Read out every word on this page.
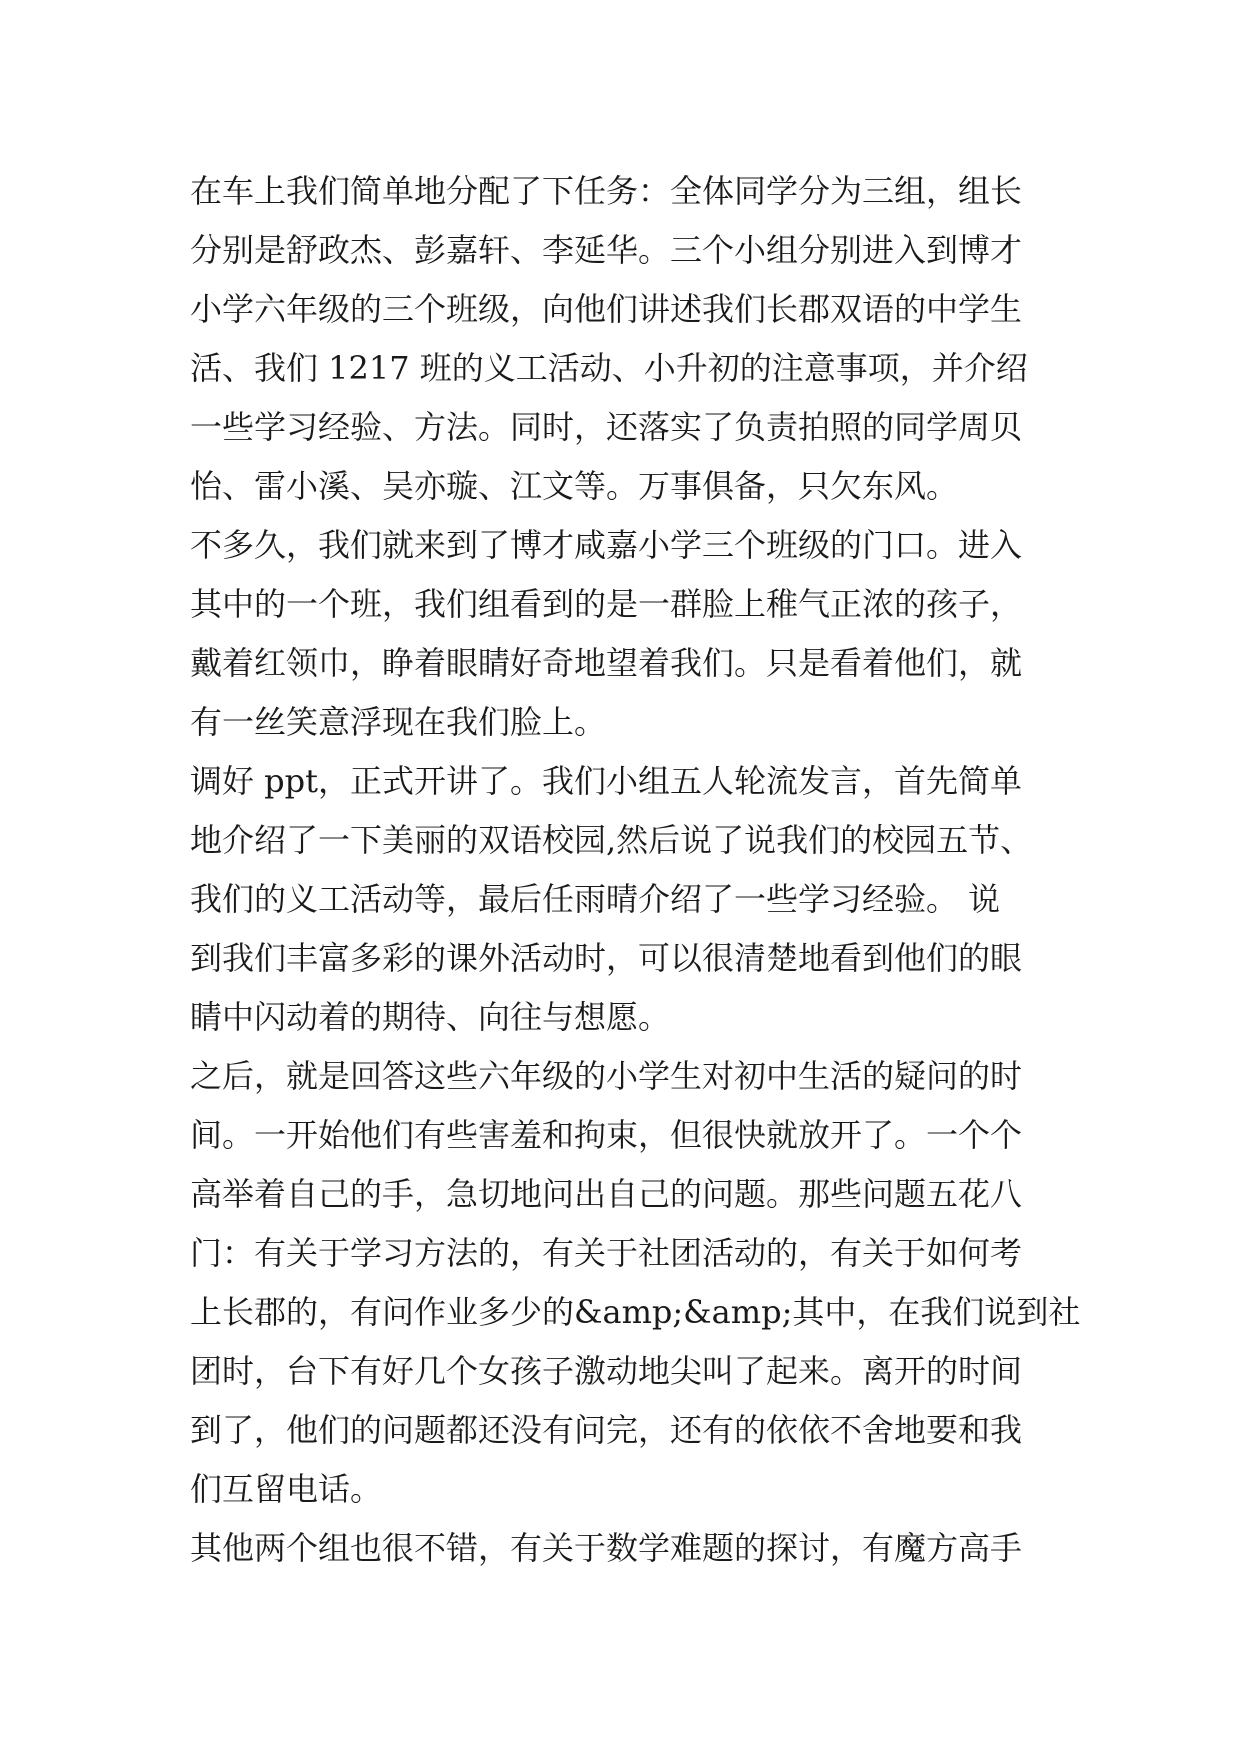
在车上我们简单地分配了下任务：全体同学分为三组，组长
分别是舒政杰、彭嘉轩、李延华。三个小组分别进入到博才
小学六年级的三个班级，向他们讲述我们长郡双语的中学生
活、我们 1217 班的义工活动、小升初的注意事项，并介绍
一些学习经验、方法。同时，还落实了负责拍照的同学周贝
怡、雷小溪、吴亦璇、江文等。万事俱备，只欠东风。
不多久，我们就来到了博才咸嘉小学三个班级的门口。进入
其中的一个班，我们组看到的是一群脸上稚气正浓的孩子，
戴着红领巾，睁着眼睛好奇地望着我们。只是看着他们，就
有一丝笑意浮现在我们脸上。
调好 ppt，正式开讲了。我们小组五人轮流发言，首先简单
地介绍了一下美丽的双语校园,然后说了说我们的校园五节、
我们的义工活动等，最后任雨晴介绍了一些学习经验。 说
到我们丰富多彩的课外活动时，可以很清楚地看到他们的眼
睛中闪动着的期待、向往与想愿。
之后，就是回答这些六年级的小学生对初中生活的疑问的时
间。一开始他们有些害羞和拘束，但很快就放开了。一个个
高举着自己的手，急切地问出自己的问题。那些问题五花八
门：有关于学习方法的，有关于社团活动的，有关于如何考
上长郡的，有问作业多少的&amp;&amp;其中，在我们说到社
团时，台下有好几个女孩子激动地尖叫了起来。离开的时间
到了，他们的问题都还没有问完，还有的依依不舍地要和我
们互留电话。
其他两个组也很不错，有关于数学难题的探讨，有魔方高手
